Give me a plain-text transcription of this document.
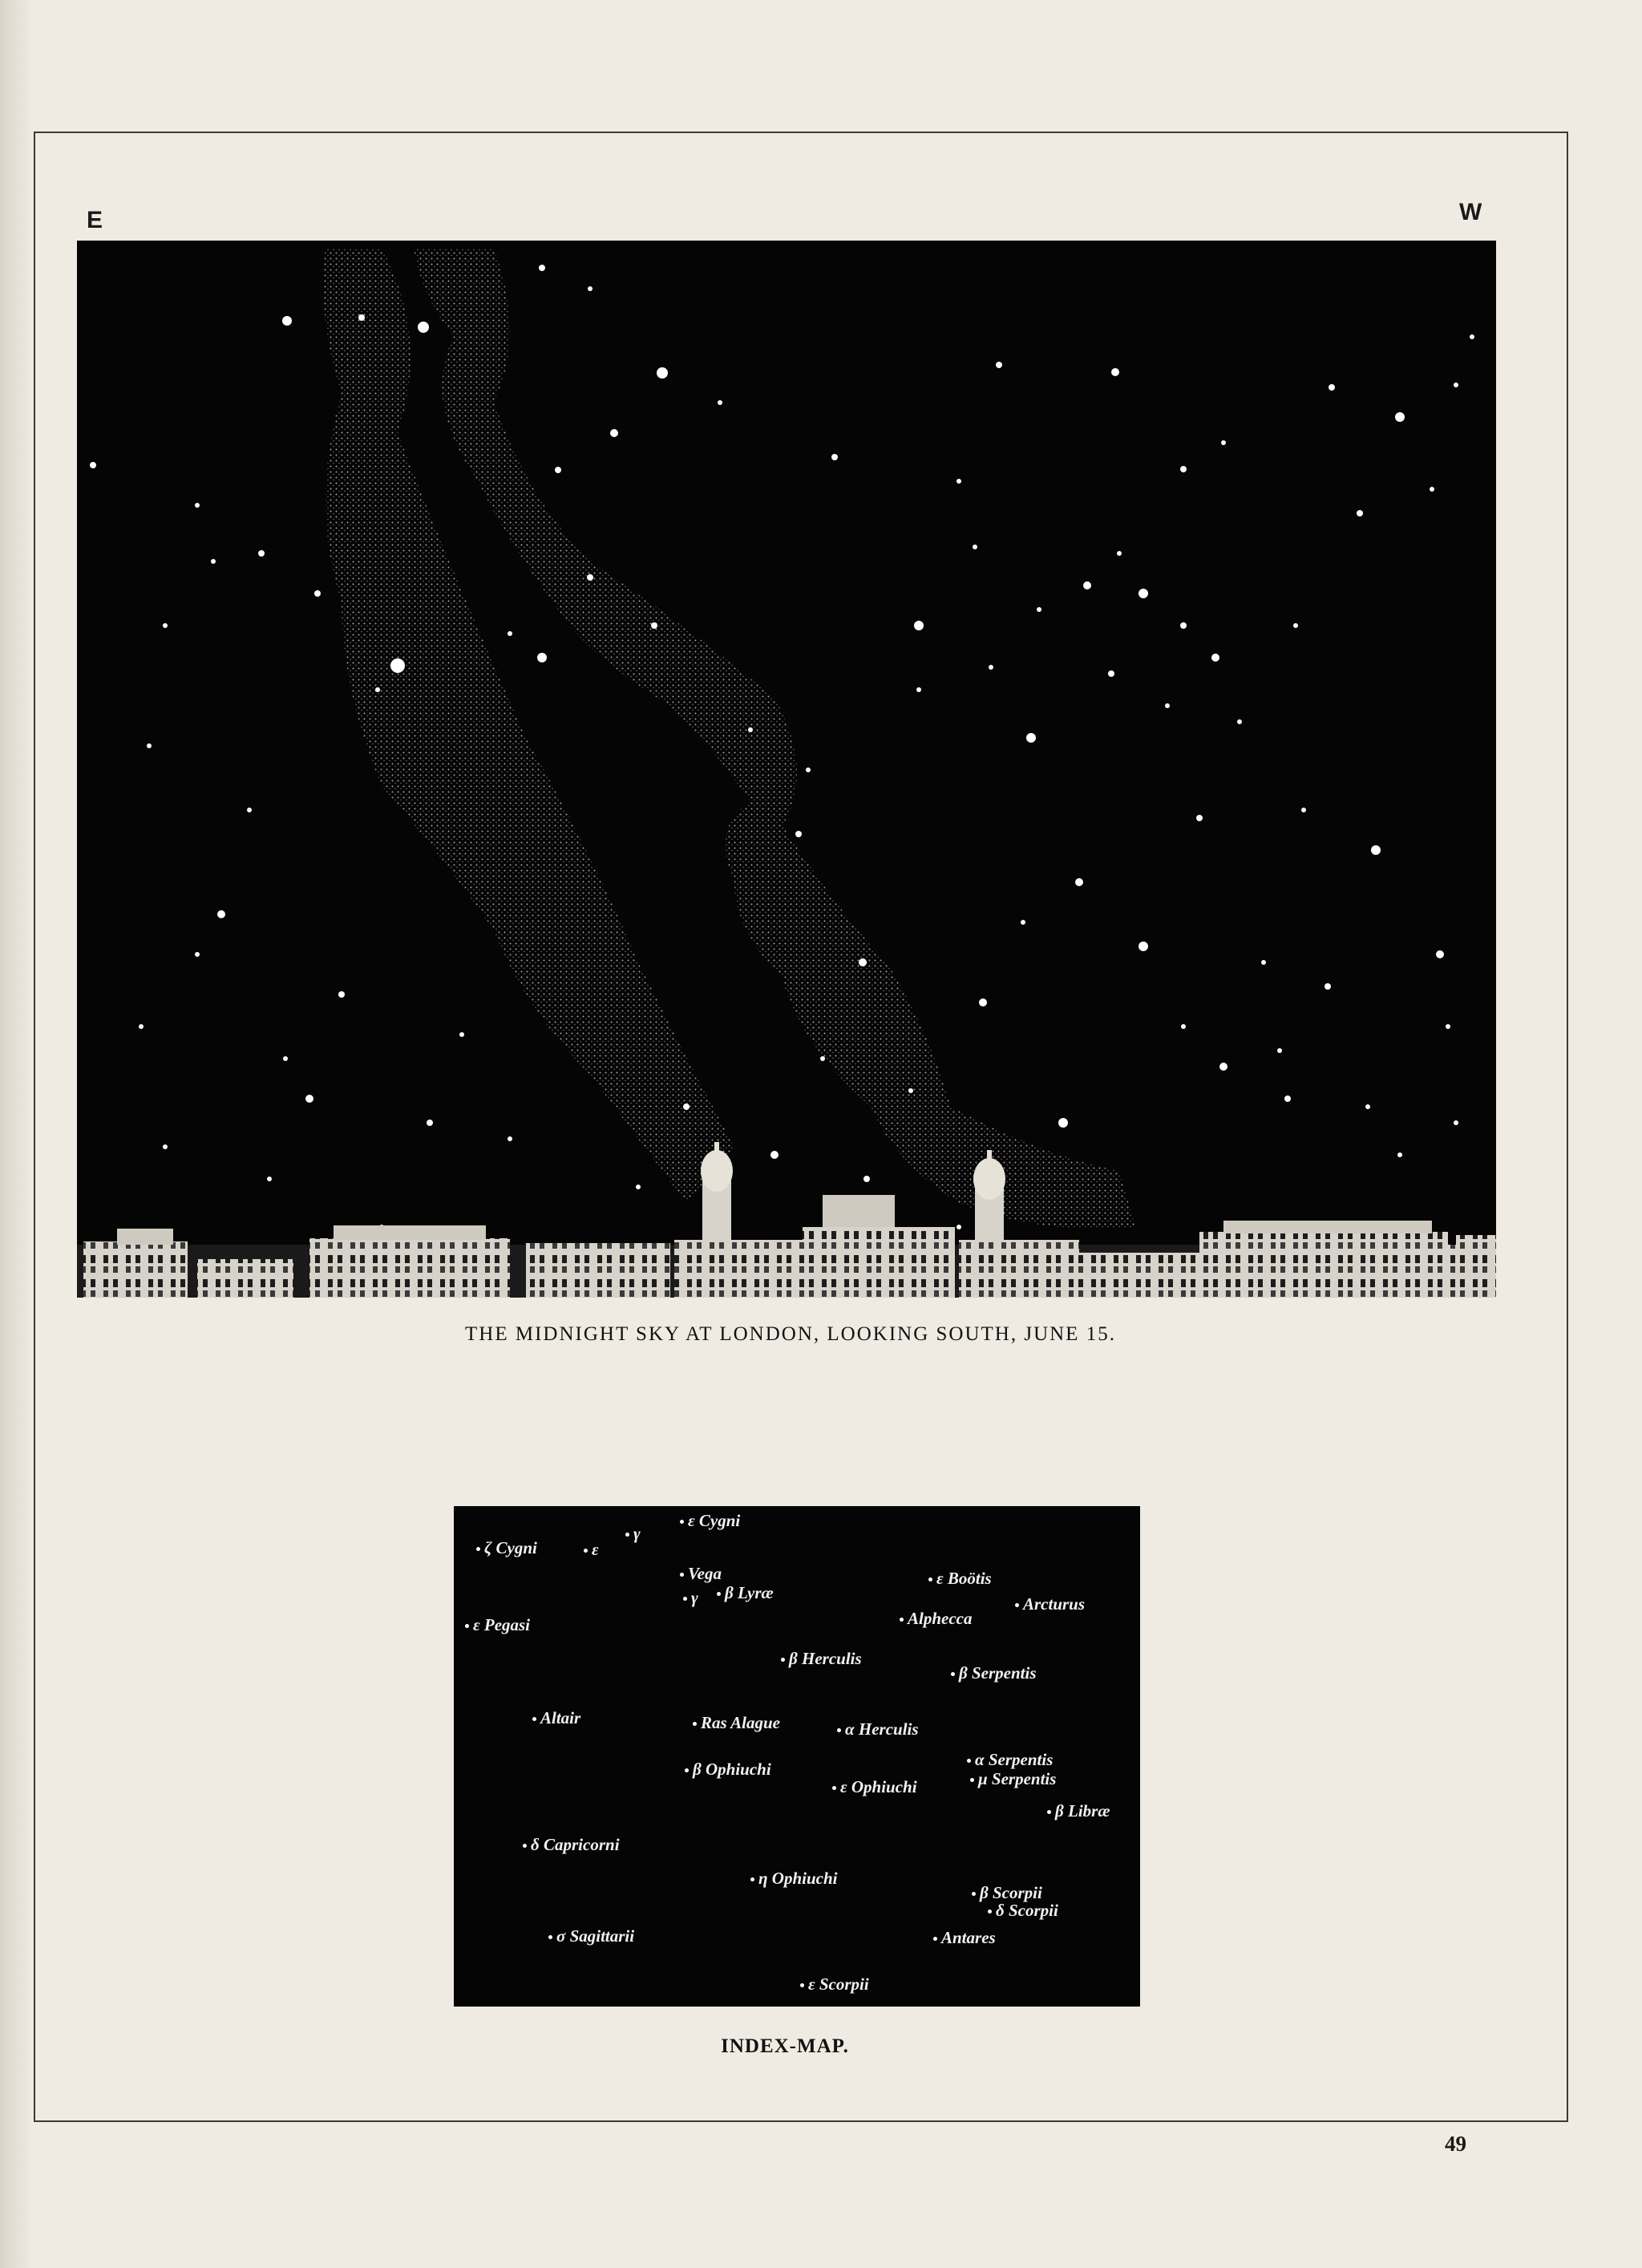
E	W
THE MIDNIGHT SKY AT LONDON, LOOKING SOUTH, JUNE 15.
ε Cygni
ζ Cygni
γ
ε
Vega
γ β Lyræ
ε Pegasi
ε Boötis
Arcturus
Alphecca
β Herculis
β Serpentis
Altair	Ras Alague	α Herculis
α Serpentis
β Ophiuchi
ε Ophiuchi	μ Serpentis
β Libræ
δ Capricorni
η Ophiuchi
β Scorpii
δ Scorpii
σ Sagittarii	Antares
ε Scorpii
INDEX-MAP.
49
